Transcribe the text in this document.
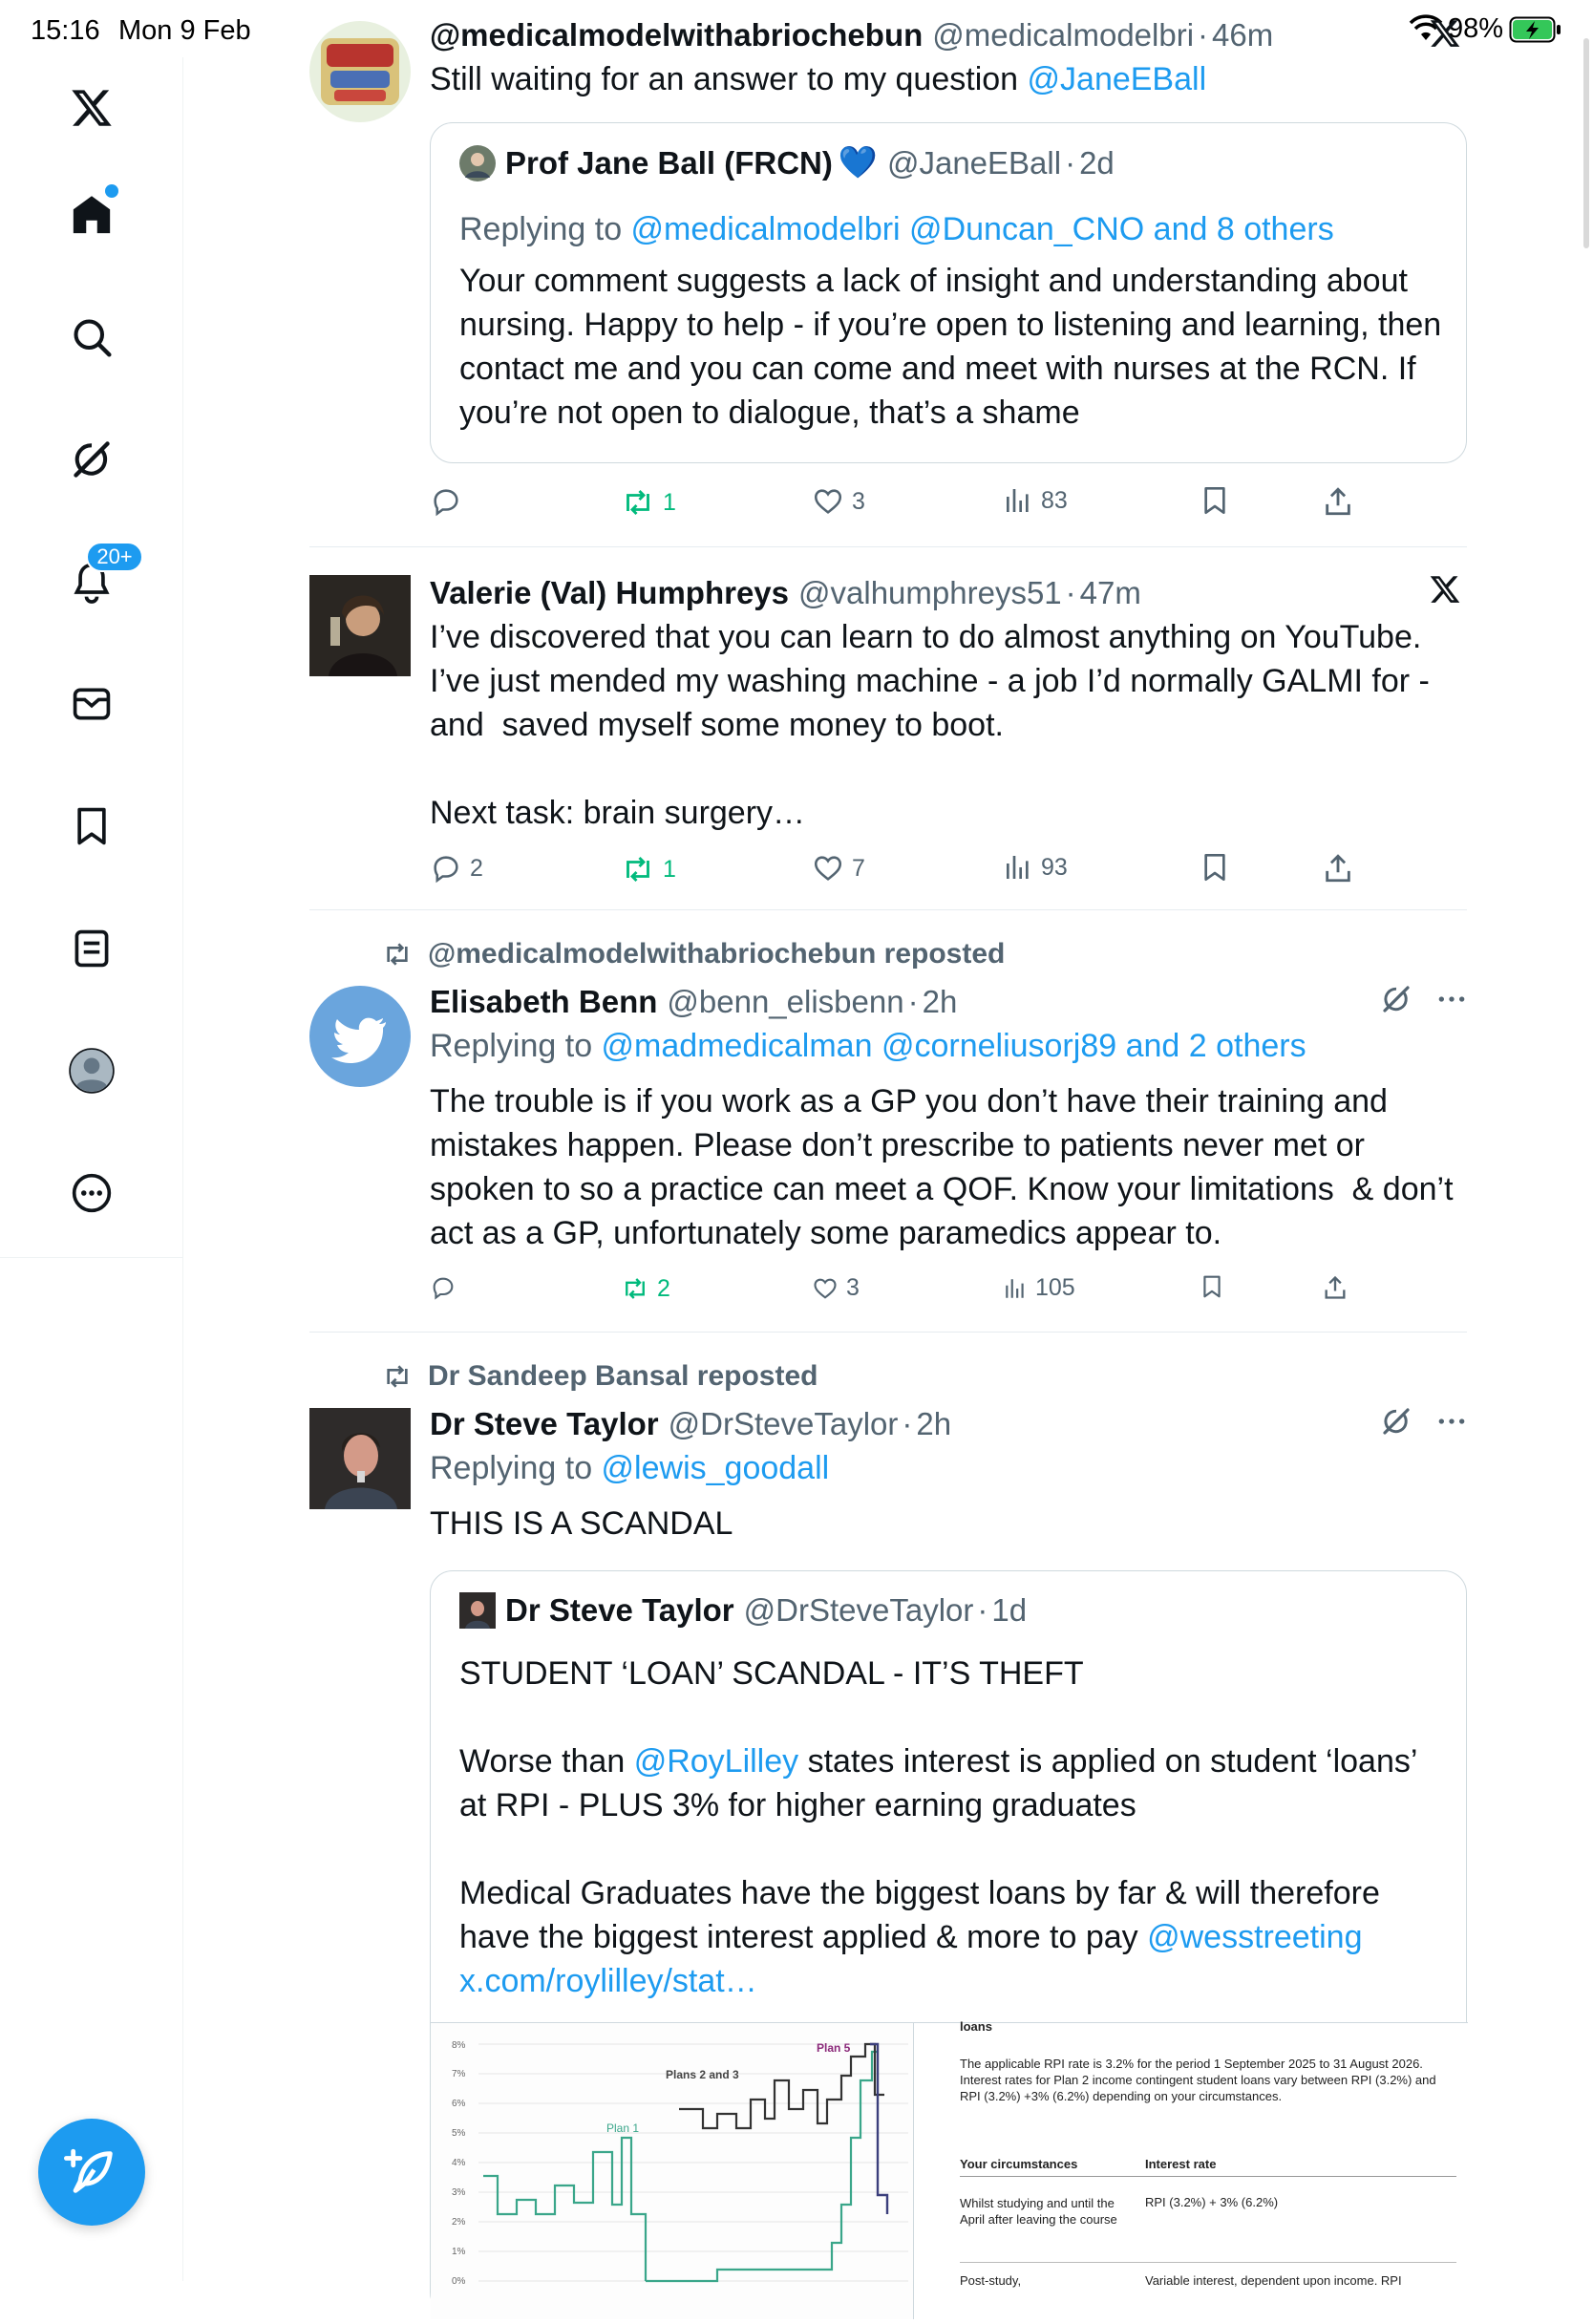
15:16 Mon 9 Feb	98%
20+
@medicalmodelwithabriochebun @medicalmodelbri · 46m
Still waiting for an answer to my question @JaneEBall
Prof Jane Ball (FRCN) 💙 @JaneEBall · 2d
Replying to @medicalmodelbri @Duncan_CNO and 8 others
Your comment suggests a lack of insight and understanding about nursing. Happy to help - if you’re open to listening and learning, then contact me and you can come and meet with nurses at the RCN. If you’re not open to dialogue, that’s a shame
1	3	83
Valerie (Val) Humphreys @valhumphreys51 · 47m
I’ve discovered that you can learn to do almost anything on YouTube. I’ve just mended my washing machine - a job I’d normally GALMI for - and  saved myself some money to boot.

Next task: brain surgery…
2	1	7	93
@medicalmodelwithabriochebun reposted
Elisabeth Benn @benn_elisbenn · 2h
Replying to @madmedicalman @corneliusorj89 and 2 others
The trouble is if you work as a GP you don’t have their training and mistakes happen. Please don’t prescribe to patients never met or spoken to so a practice can meet a QOF. Know your limitations  & don’t act as a GP, unfortunately some paramedics appear to.
2	3	105
Dr Sandeep Bansal reposted
Dr Steve Taylor @DrSteveTaylor · 2h
Replying to @lewis_goodall
THIS IS A SCANDAL
Dr Steve Taylor @DrSteveTaylor · 1d
STUDENT ‘LOAN’ SCANDAL - IT’S THEFT

Worse than @RoyLilley states interest is applied on student ‘loans’ at RPI - PLUS 3% for higher earning graduates

Medical Graduates have the biggest loans by far & will therefore have the biggest interest applied & more to pay @wesstreeting
x.com/roylilley/stat…
8%
7%
6%
5%
4%
3%
2%
1%
0%
Plan 1
Plans 2 and 3
Plan 5
loans
The applicable RPI rate is 3.2% for the period 1 September 2025 to 31 August 2026. Interest rates for Plan 2 income contingent student loans vary between RPI (3.2%) and RPI (3.2%) +3% (6.2%) depending on your circumstances.
Your circumstances	Interest rate
Whilst studying and until the April after leaving the course
RPI (3.2%) + 3% (6.2%)
Post-study,	Variable interest, dependent upon income. RPI
